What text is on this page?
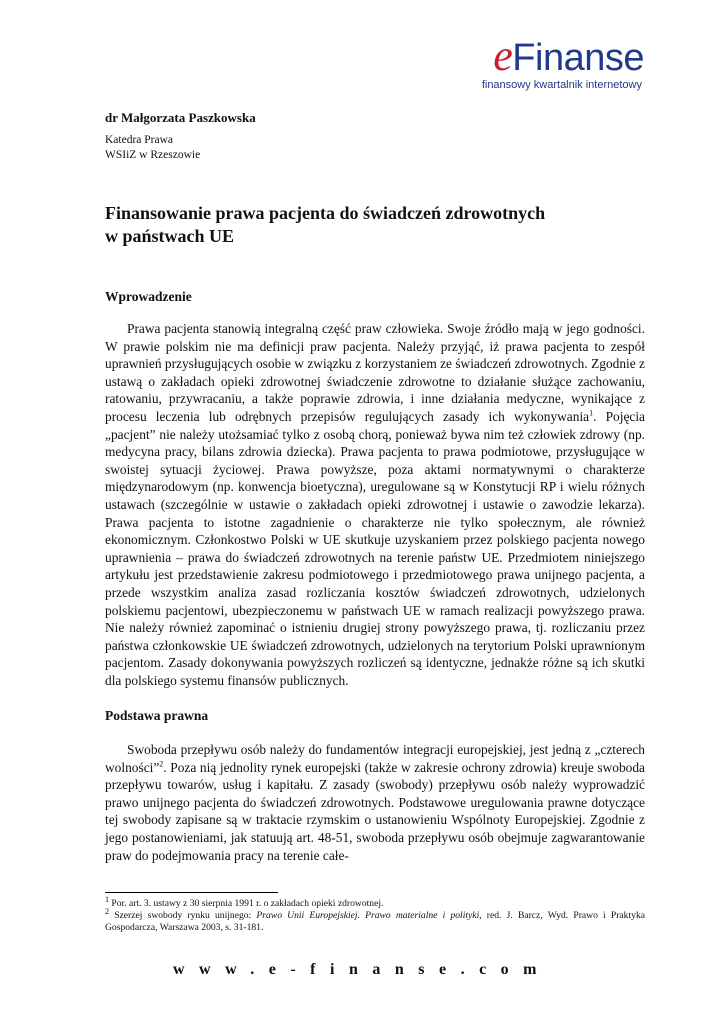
eFinanse
finansowy kwartalnik internetowy
dr Małgorzata Paszkowska
Katedra Prawa
WSIiZ w Rzeszowie
Finansowanie prawa pacjenta do świadczeń zdrowotnych
w państwach UE
Wprowadzenie

Prawa pacjenta stanowią integralną część praw człowieka. Swoje źródło mają w jego godności. W prawie polskim nie ma definicji praw pacjenta. Należy przyjąć, iż prawa pacjenta to zespół uprawnień przysługujących osobie w związku z korzystaniem ze świadczeń zdrowotnych. Zgodnie z ustawą o zakładach opieki zdrowotnej świadczenie zdrowotne to działanie służące zachowaniu, ratowaniu, przywracaniu, a także poprawie zdrowia, i inne działania medyczne, wynikające z procesu leczenia lub odrębnych przepisów regulujących zasady ich wykonywania$^1$. Pojęcia „pacjent” nie należy utożsamiać tylko z osobą chorą, ponieważ bywa nim też człowiek zdrowy (np. medycyna pracy, bilans zdrowia dziecka). Prawa pacjenta to prawa podmiotowe, przysługujące w swoistej sytuacji życiowej. Prawa powyższe, poza aktami normatywnymi o charakterze międzynarodowym (np. konwencja bioetyczna), uregulowane są w Konstytucji RP i wielu różnych ustawach (szczególnie w ustawie o zakładach opieki zdrowotnej i ustawie o zawodzie lekarza). Prawa pacjenta to istotne zagadnienie o charakterze nie tylko społecznym, ale również ekonomicznym. Członkostwo Polski w UE skutkuje uzyskaniem przez polskiego pacjenta nowego uprawnienia – prawa do świadczeń zdrowotnych na terenie państw UE. Przedmiotem niniejszego artykułu jest przedstawienie zakresu podmiotowego i przedmiotowego prawa unijnego pacjenta, a przede wszystkim analiza zasad rozliczania kosztów świadczeń zdrowotnych, udzielonych polskiemu pacjentowi, ubezpieczonemu w państwach UE w ramach realizacji powyższego prawa. Nie należy również zapominać o istnieniu drugiej strony powyższego prawa, tj. rozliczaniu przez państwa członkowskie UE świadczeń zdrowotnych, udzielonych na terytorium Polski uprawnionym pacjentom. Zasady dokonywania powyższych rozliczeń są identyczne, jednakże różne są ich skutki dla polskiego systemu finansów publicznych.

Podstawa prawna

Swoboda przepływu osób należy do fundamentów integracji europejskiej, jest jedną z „czterech wolności”$^2$. Poza nią jednolity rynek europejski (także w zakresie ochrony zdrowia) kreuje swoboda przepływu towarów, usług i kapitału. Z zasady (swobody) przepływu osób należy wyprowadzić prawo unijnego pacjenta do świadczeń zdrowotnych. Podstawowe uregulowania prawne dotyczące tej swobody zapisane są w traktacie rzymskim o ustanowieniu Wspólnoty Europejskiej. Zgodnie z jego postanowieniami, jak statuują art. 48-51, swoboda przepływu osób obejmuje zagwarantowanie praw do podejmowania pracy na terenie całe-

$^1$ Por. art. 3. ustawy z 30 sierpnia 1991 r. o zakładach opieki zdrowotnej.
$^2$ Szerzej swobody rynku unijnego: Prawo Unii Europejskiej. Prawo materialne i polityki, red. J. Barcz, Wyd. Prawo i Praktyka Gospodarcza, Warszawa 2003, s. 31-181.
www.e-finanse.com
